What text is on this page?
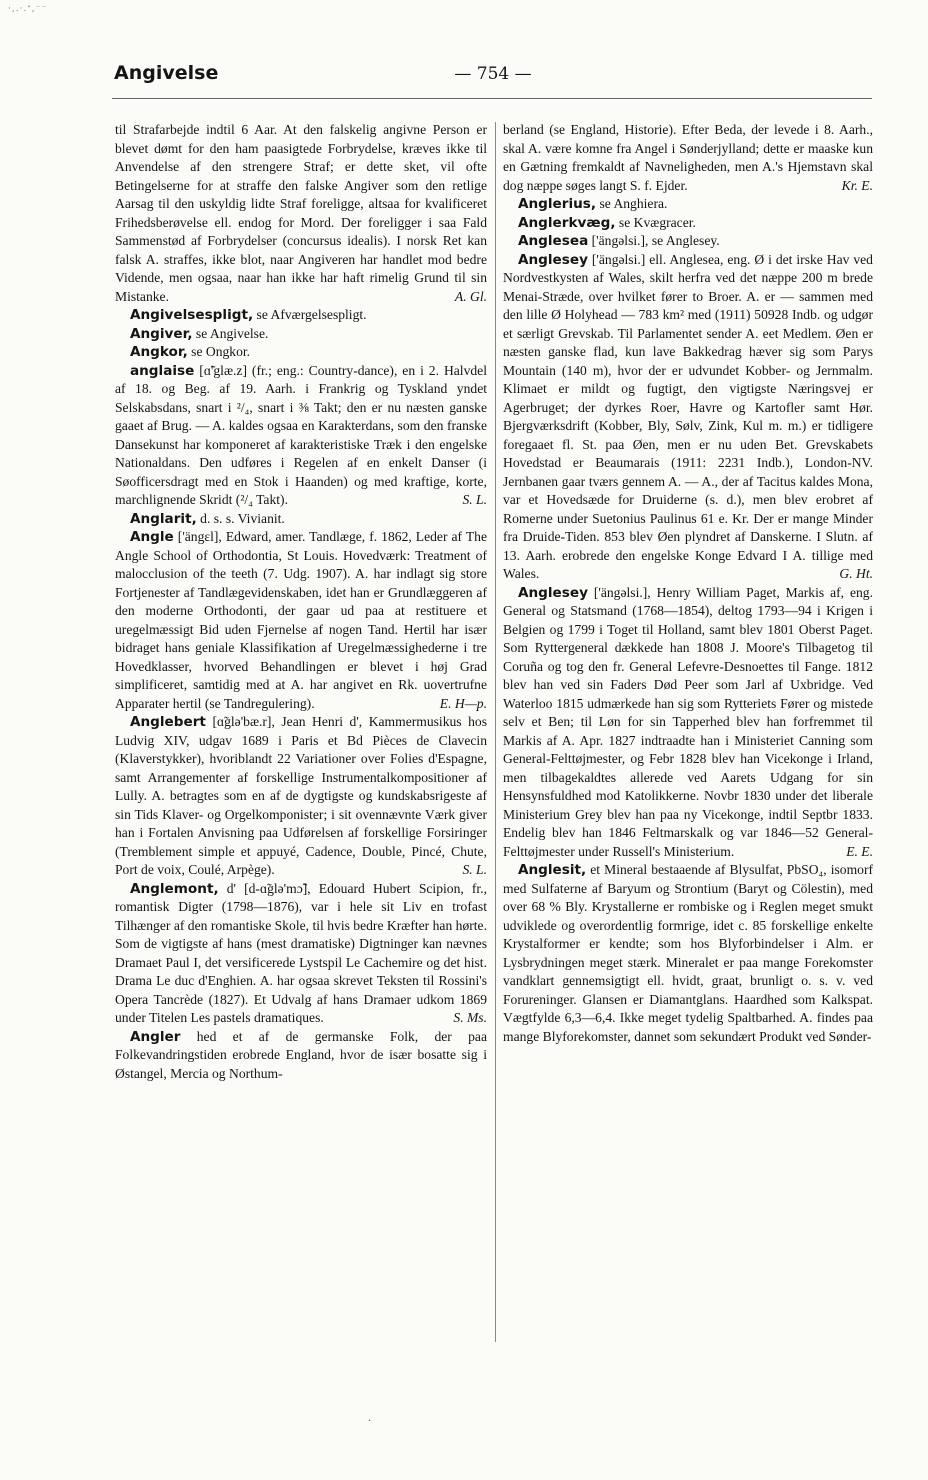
·,.·.ᐩ,⁻⁻
Angivelse	— 754 —

til Strafarbejde indtil 6 Aar. At den falskelig angivne Person er blevet dømt for den ham paasigtede Forbrydelse, kræves ikke til Anvendelse af den strengere Straf; er dette sket, vil ofte Betingelserne for at straffe den falske Angiver som den retlige Aarsag til den uskyldig lidte Straf foreligge, altsaa for kvalificeret Frihedsberøvelse ell. endog for Mord. Der foreligger i saa Fald Sammenstød af Forbrydelser (concursus idealis). I norsk Ret kan falsk A. straffes, ikke blot, naar Angiveren har handlet mod bedre Vidende, men ogsaa, naar han ikke har haft rimelig Grund til sin Mistanke.	A. Gl.

Angivelsespligt, se Afværgelsespligt.

Angiver, se Angivelse.

Angkor, se Ongkor.

anglaise [ɑ̃'glæ.z] (fr.; eng.: Country-dance), en i 2. Halvdel af 18. og Beg. af 19. Aarh. i Frankrig og Tyskland yndet Selskabsdans, snart i ²/₄, snart i ⅜ Takt; den er nu næsten ganske gaaet af Brug. — A. kaldes ogsaa en Karakterdans, som den franske Dansekunst har komponeret af karakteristiske Træk i den engelske Nationaldans. Den udføres i Regelen af en enkelt Danser (i Søofficersdragt med en Stok i Haanden) og med kraftige, korte, marchlignende Skridt (²/₄ Takt).	S. L.

Anglarit, d. s. s. Vivianit.

Angle ['ängɛl], Edward, amer. Tandlæge, f. 1862, Leder af The Angle School of Orthodontia, St Louis. Hovedværk: Treatment of malocclusion of the teeth (7. Udg. 1907). A. har indlagt sig store Fortjenester af Tandlægevidenskaben, idet han er Grundlæggeren af den moderne Orthodonti, der gaar ud paa at restituere et uregelmæssigt Bid uden Fjernelse af nogen Tand. Hertil har især bidraget hans geniale Klassifikation af Uregelmæssighederne i tre Hovedklasser, hvorved Behandlingen er blevet i høj Grad simplificeret, samtidig med at A. har angivet en Rk. uovertrufne Apparater hertil (se Tandregulering).	E. H—p.

Anglebert [ɑ̃glə'bæ.r], Jean Henri d', Kammermusikus hos Ludvig XIV, udgav 1689 i Paris et Bd Pièces de Clavecin (Klaverstykker), hvoriblandt 22 Variationer over Folies d'Espagne, samt Arrangementer af forskellige Instrumentalkompositioner af Lully. A. betragtes som en af de dygtigste og kundskabsrigeste af sin Tids Klaver- og Orgelkomponister; i sit ovennævnte Værk giver han i Fortalen Anvisning paa Udførelsen af forskellige Forsiringer (Tremblement simple et appuyé, Cadence, Double, Pincé, Chute, Port de voix, Coulé, Arpège).	S. L.

Anglemont, d' [d-ɑ̃glə'mɔ̃], Edouard Hubert Scipion, fr., romantisk Digter (1798—1876), var i hele sit Liv en trofast Tilhænger af den romantiske Skole, til hvis bedre Kræfter han hørte. Som de vigtigste af hans (mest dramatiske) Digtninger kan nævnes Dramaet Paul I, det versificerede Lystspil Le Cachemire og det hist. Drama Le duc d'Enghien. A. har ogsaa skrevet Teksten til Rossini's Opera Tancrède (1827). Et Udvalg af hans Dramaer udkom 1869 under Titelen Les pastels dramatiques.	S. Ms.

Angler hed et af de germanske Folk, der paa Folkevandringstiden erobrede England, hvor de især bosatte sig i Østangel, Mercia og Northum-

berland (se England, Historie). Efter Beda, der levede i 8. Aarh., skal A. være komne fra Angel i Sønderjylland; dette er maaske kun en Gætning fremkaldt af Navneligheden, men A.'s Hjemstavn skal dog næppe søges langt S. f. Ejder.	Kr. E.

Anglerius, se Anghiera.

Anglerkvæg, se Kvægracer.

Anglesea ['ängəlsi.], se Anglesey.

Anglesey ['ängəlsi.] ell. Anglesea, eng. Ø i det irske Hav ved Nordvestkysten af Wales, skilt herfra ved det næppe 200 m brede Menai-Stræde, over hvilket fører to Broer. A. er — sammen med den lille Ø Holyhead — 783 km² med (1911) 50928 Indb. og udgør et særligt Grevskab. Til Parlamentet sender A. eet Medlem. Øen er næsten ganske flad, kun lave Bakkedrag hæver sig som Parys Mountain (140 m), hvor der er udvundet Kobber- og Jernmalm. Klimaet er mildt og fugtigt, den vigtigste Næringsvej er Agerbruget; der dyrkes Roer, Havre og Kartofler samt Hør. Bjergværksdrift (Kobber, Bly, Sølv, Zink, Kul m. m.) er tidligere foregaaet fl. St. paa Øen, men er nu uden Bet. Grevskabets Hovedstad er Beaumarais (1911: 2231 Indb.), London-NV. Jernbanen gaar tværs gennem A. — A., der af Tacitus kaldes Mona, var et Hovedsæde for Druiderne (s. d.), men blev erobret af Romerne under Suetonius Paulinus 61 e. Kr. Der er mange Minder fra Druide-Tiden. 853 blev Øen plyndret af Danskerne. I Slutn. af 13. Aarh. erobrede den engelske Konge Edvard I A. tillige med Wales.	G. Ht.

Anglesey ['ängəlsi.], Henry William Paget, Markis af, eng. General og Statsmand (1768—1854), deltog 1793—94 i Krigen i Belgien og 1799 i Toget til Holland, samt blev 1801 Oberst Paget. Som Ryttergeneral dækkede han 1808 J. Moore's Tilbagetog til Coruña og tog den fr. General Lefevre-Desnoettes til Fange. 1812 blev han ved sin Faders Død Peer som Jarl af Uxbridge. Ved Waterloo 1815 udmærkede han sig som Rytteriets Fører og mistede selv et Ben; til Løn for sin Tapperhed blev han forfremmet til Markis af A. Apr. 1827 indtraadte han i Ministeriet Canning som General-Felttøjmester, og Febr 1828 blev han Vicekonge i Irland, men tilbagekaldtes allerede ved Aarets Udgang for sin Hensynsfuldhed mod Katolikkerne. Novbr 1830 under det liberale Ministerium Grey blev han paa ny Vicekonge, indtil Septbr 1833. Endelig blev han 1846 Feltmarskalk og var 1846—52 General-Felttøjmester under Russell's Ministerium.	E. E.

Anglesit, et Mineral bestaaende af Blysulfat, PbSO₄, isomorf med Sulfaterne af Baryum og Strontium (Baryt og Cölestin), med over 68 % Bly. Krystallerne er rombiske og i Reglen meget smukt udviklede og overordentlig formrige, idet c. 85 forskellige enkelte Krystalformer er kendte; som hos Blyforbindelser i Alm. er Lysbrydningen meget stærk. Mineralet er paa mange Forekomster vandklart gennemsigtigt ell. hvidt, graat, brunligt o. s. v. ved Forureninger. Glansen er Diamantglans. Haardhed som Kalkspat. Vægtfylde 6,3—6,4. Ikke meget tydelig Spaltbarhed. A. findes paa mange Blyforekomster, dannet som sekundært Produkt ved Sønder-

·
